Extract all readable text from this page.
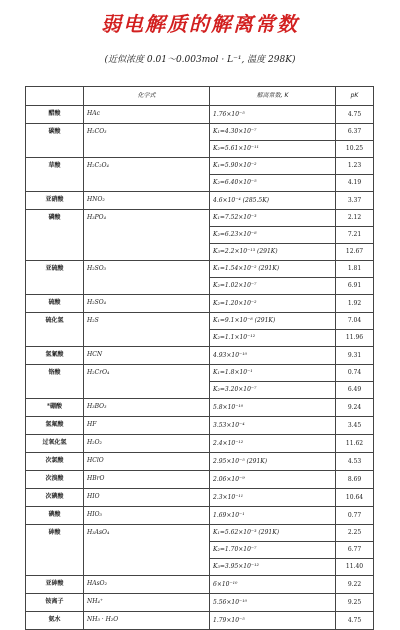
弱电解质的解离常数
(近似浓度 0.01～0.003mol · L⁻¹, 温度 298K)
	化学式	解离常数, K	pK
醋酸	HAc	1.76×10⁻⁵	4.75
碳酸	H₂CO₃	K₁=4.30×10⁻⁷	6.37
		K₂=5.61×10⁻¹¹	10.25
草酸	H₂C₂O₄	K₁=5.90×10⁻²	1.23
		K₂=6.40×10⁻⁵	4.19
亚硝酸	HNO₂	4.6×10⁻⁴ (285.5K)	3.37
磷酸	H₃PO₄	K₁=7.52×10⁻³	2.12
		K₂=6.23×10⁻⁸	7.21
		K₃=2.2×10⁻¹³ (291K)	12.67
亚硫酸	H₂SO₃	K₁=1.54×10⁻² (291K)	1.81
		K₂=1.02×10⁻⁷	6.91
硫酸	H₂SO₄	K₂=1.20×10⁻²	1.92
硫化氢	H₂S	K₁=9.1×10⁻⁸ (291K)	7.04
		K₂=1.1×10⁻¹²	11.96
氢氰酸	HCN	4.93×10⁻¹⁰	9.31
铬酸	H₂CrO₄	K₁=1.8×10⁻¹	0.74
		K₂=3.20×10⁻⁷	6.49
*硼酸	H₃BO₃	5.8×10⁻¹⁰	9.24
氢氟酸	HF	3.53×10⁻⁴	3.45
过氧化氢	H₂O₂	2.4×10⁻¹²	11.62
次氯酸	HClO	2.95×10⁻⁵ (291K)	4.53
次溴酸	HBrO	2.06×10⁻⁹	8.69
次碘酸	HIO	2.3×10⁻¹¹	10.64
碘酸	HIO₃	1.69×10⁻¹	0.77
砷酸	H₃AsO₄	K₁=5.62×10⁻³ (291K)	2.25
		K₂=1.70×10⁻⁷	6.77
		K₃=3.95×10⁻¹²	11.40
亚砷酸	HAsO₂	6×10⁻¹⁰	9.22
铵离子	NH₄⁺	5.56×10⁻¹⁰	9.25
氨水	NH₃ · H₂O	1.79×10⁻⁵	4.75
